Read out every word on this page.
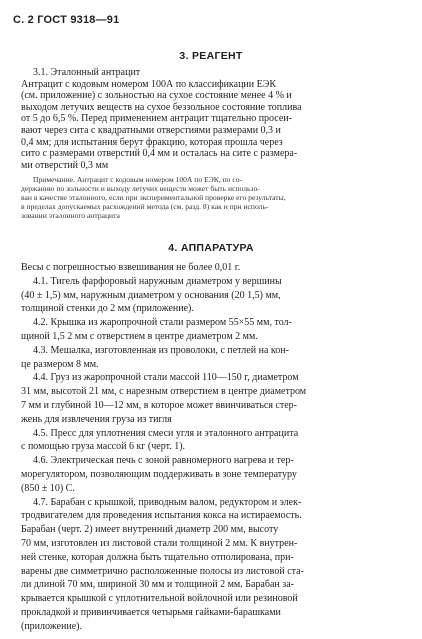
С. 2 ГОСТ 9318—91
3. РЕАГЕНТ
3.1. Эталонный антрацит
Антрацит с кодовым номером 100А по классификации ЕЭК
(см. приложение) с зольностью на сухое состояние менее 4 % и
выходом летучих веществ на сухое беззольное состояние топлива
от 5 до 6,5 %. Перед применением антрацит тщательно просеи-
вают через сита с квадратными отверстиями размерами 0,3 и
0,4 мм; для испытания берут фракцию, которая прошла через
сито с размерами отверстий 0,4 мм и осталась на сите с размера-
ми отверстий 0,3 мм
Примечание. Антрацит с кодовым номером 100А по ЕЭК, по со-
держанию по зольности и выходу летучих веществ может быть использо-
ван в качестве эталонного, если при экспериментальной проверке его результаты,
в пределах допускаемых расхождений метода (см. разд. 8) как и при исполь-
зовании эталонного антрацита
4. АППАРАТУРА
Весы с погрешностью взвешивания не более 0,01 г.
4.1. Тигель фарфоровый наружным диаметром у вершины
(40 ± 1,5) мм, наружным диаметром у основания (20 1,5) мм,
толщиной стенки до 2 мм (приложение).
4.2. Крышка из жаропрочной стали размером 55×55 мм, тол-
щиной 1,5 2 мм с отверстием в центре диаметром 2 мм.
4.3. Мешалка, изготовленная из проволоки, с петлей на кон-
це размером 8 мм.
4.4. Груз из жаропрочной стали массой 110—150 г, диаметром
31 мм, высотой 21 мм, с нарезным отверстием в центре диаметром
7 мм и глубиной 10—12 мм, в которое может ввинчиваться стер-
жень для извлечения груза из тигля
4.5. Пресс для уплотнения смеси угля и эталонного антрацита
с помощью груза массой 6 кг (черт. 1).
4.6. Электрическая печь с зоной равномерного нагрева и тер-
морегулятором, позволяющим поддерживать в зоне температуру
(850 ± 10) С.
4.7. Барабан с крышкой, приводным валом, редуктором и элек-
тродвигателем для проведения испытания кокса на истираемость.
Барабан (черт. 2) имеет внутренний диаметр 200 мм, высоту
70 мм, изготовлен из листовой стали толщиной 2 мм. К внутрен-
ней стенке, которая должна быть тщательно отполирована, при-
варены две симметрично расположенные полосы из листовой ста-
ли длиной 70 мм, шириной 30 мм и толщиной 2 мм. Барабан за-
крывается крышкой с уплотнительной войлочной или резиновой
прокладкой и привинчивается четырьмя гайками-барашками
(приложение).
